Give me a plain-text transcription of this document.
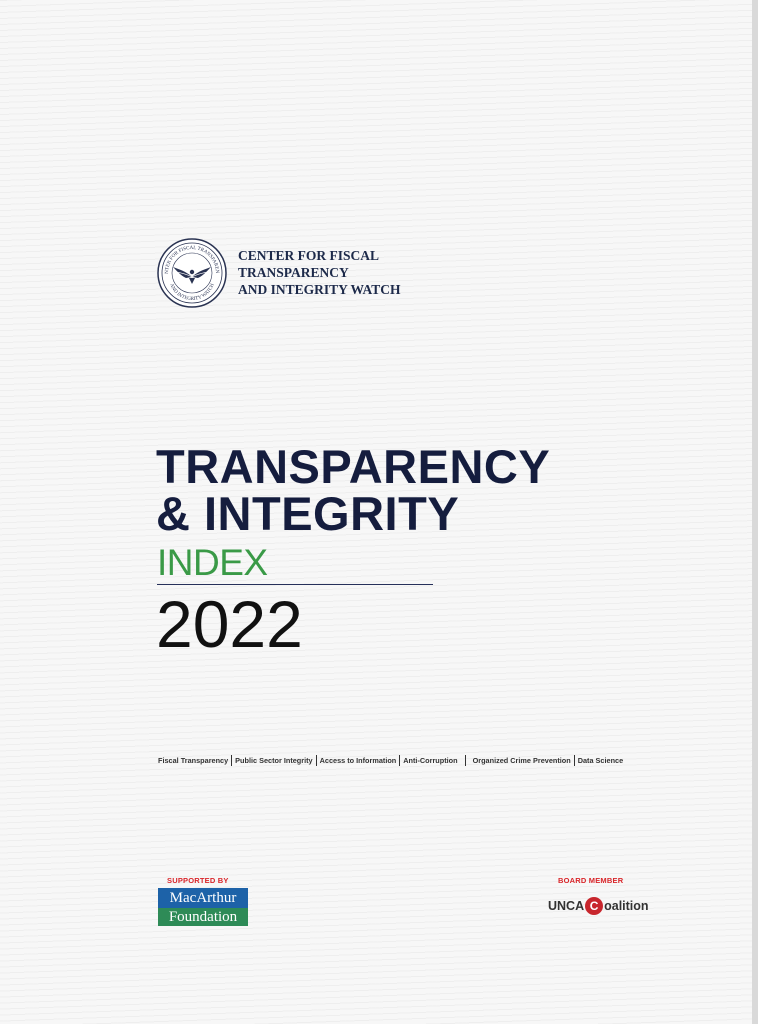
NTER FOR FISCAL TRANSPAREN
AND INTEGRITY WATCH
CENTER FOR FISCAL
TRANSPARENCY
AND INTEGRITY WATCH
TRANSPARENCY
& INTEGRITY
INDEX
2022
Fiscal Transparency Public Sector Integrity Access to Information Anti-Corruption Organized Crime Prevention Data Science
SUPPORTED BY
MacArthur
Foundation
BOARD MEMBER
UNCA C oalition
